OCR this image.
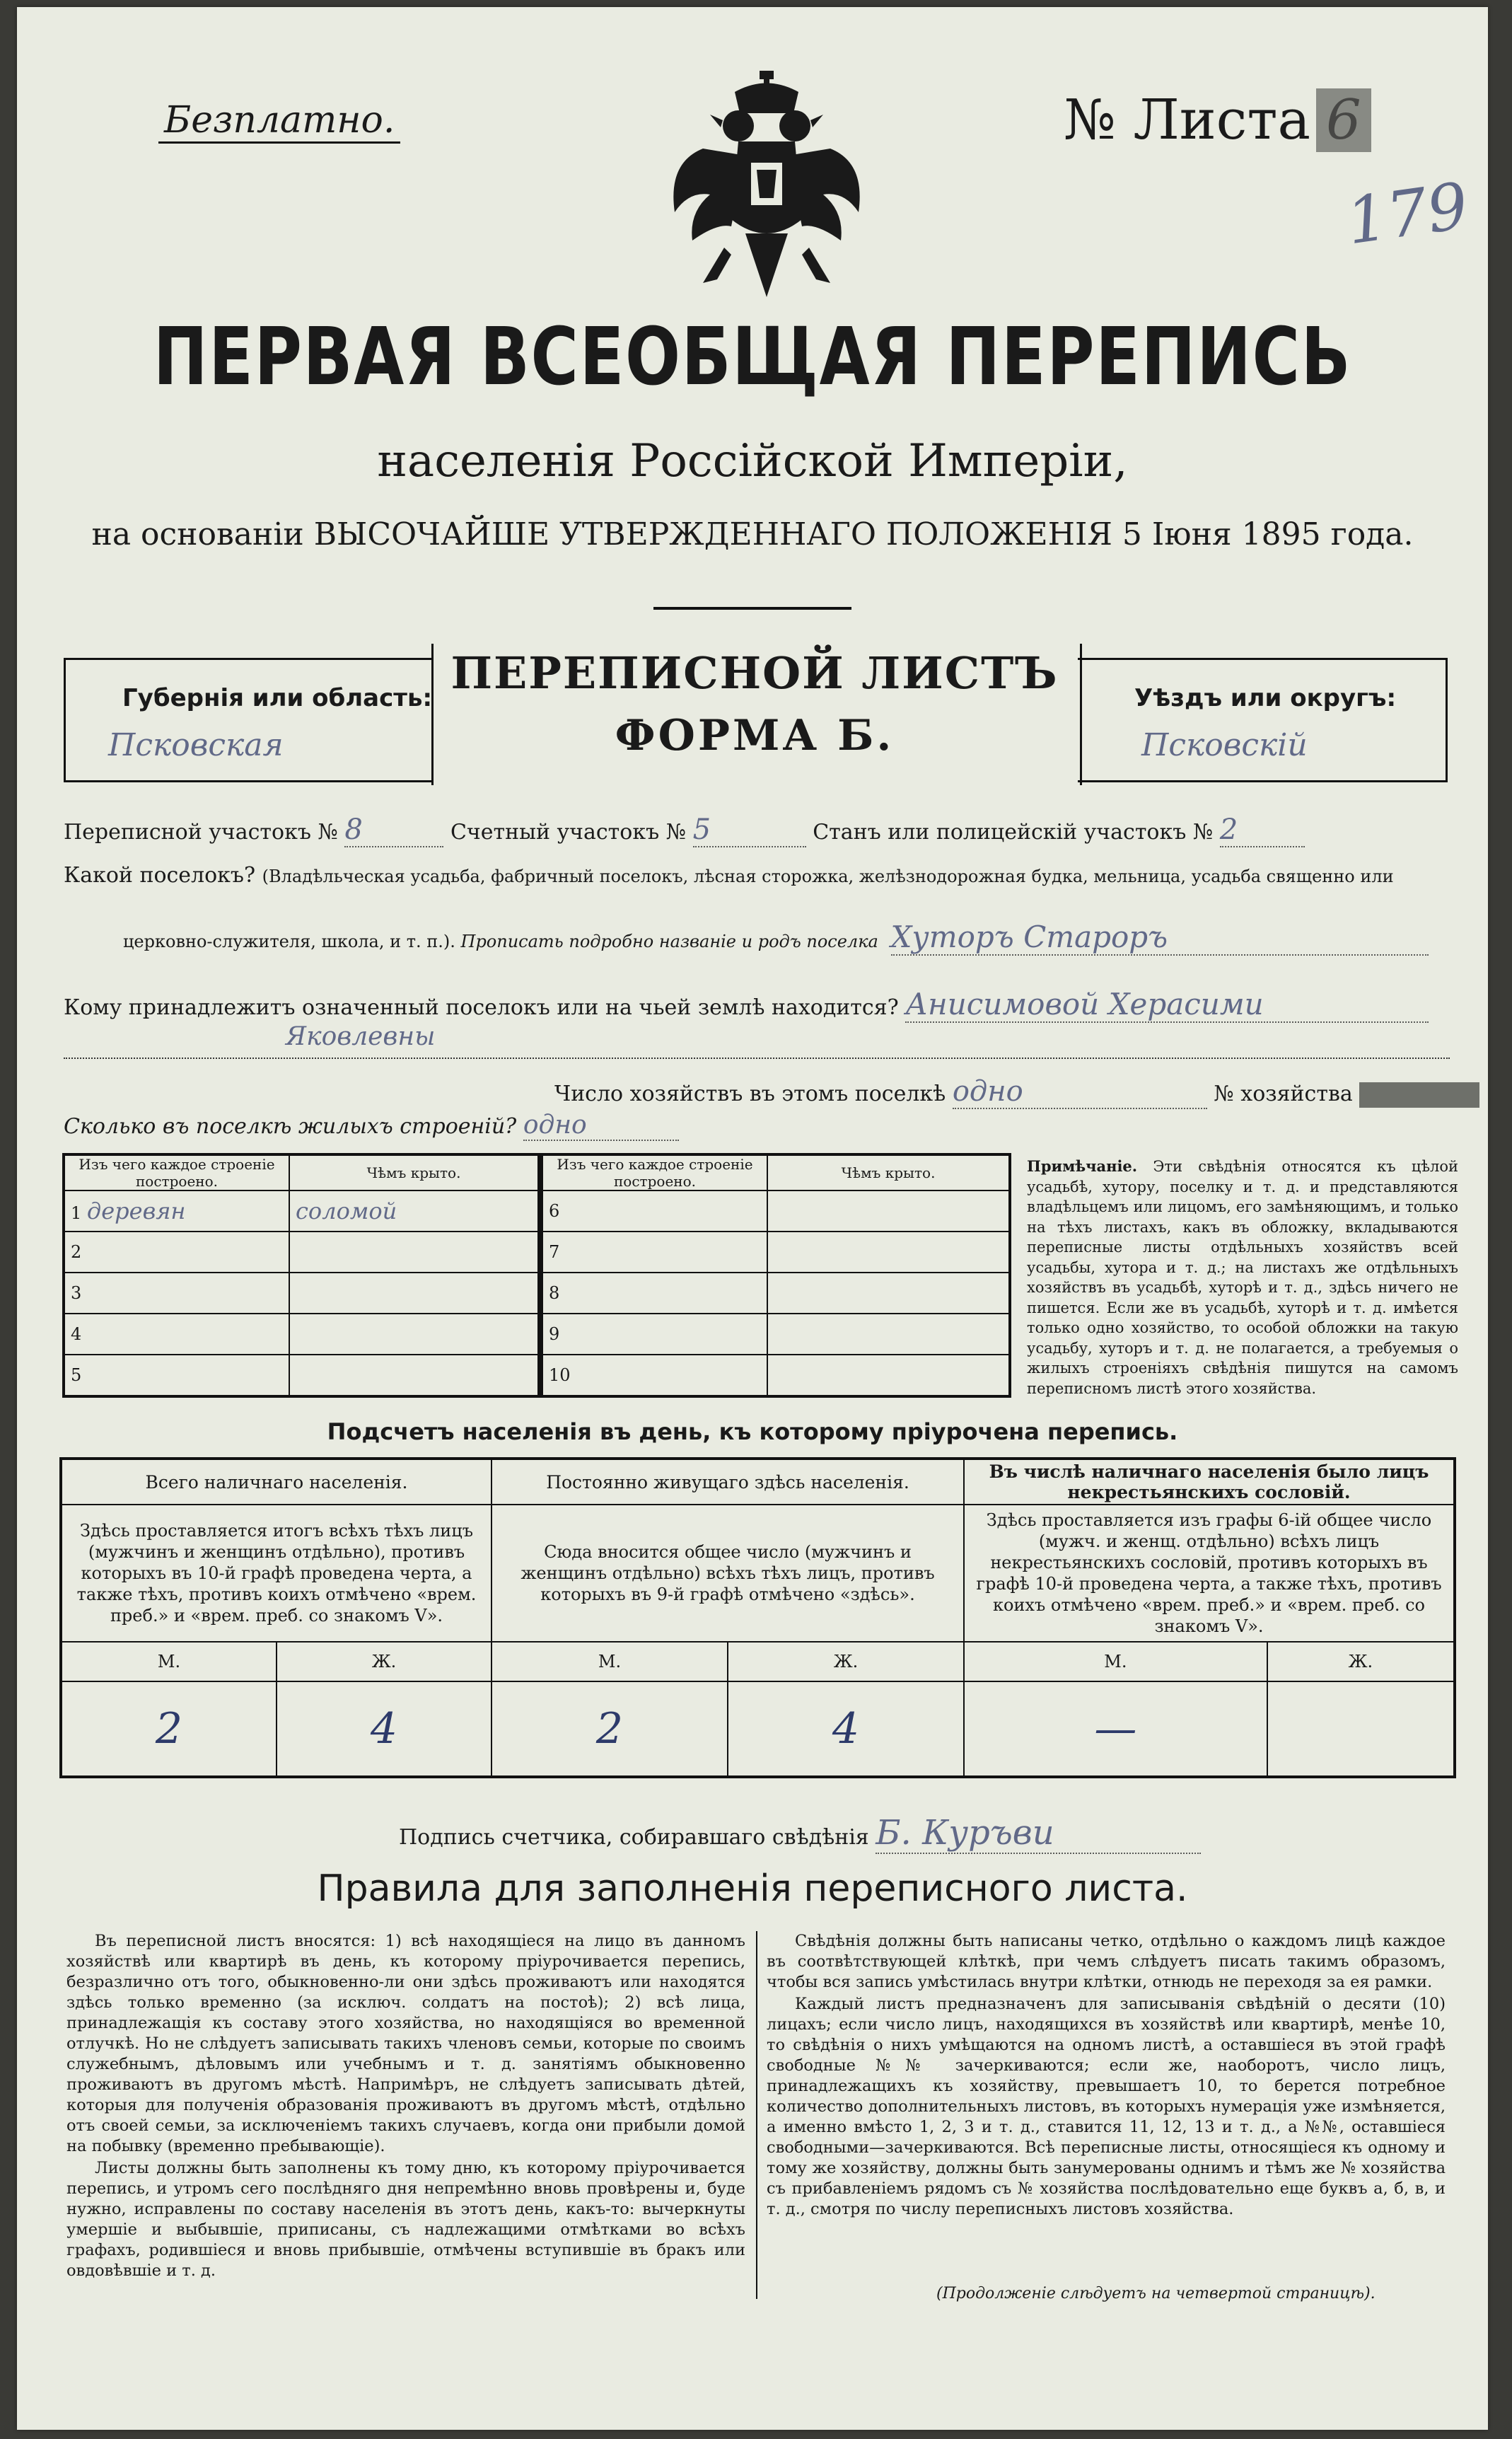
Безплатно.	№ Листа 6
179
ПЕРВАЯ ВСЕОБЩАЯ ПЕРЕПИСЬ
населенія Россійской Имперіи,
на основаніи ВЫСОЧАЙШЕ УТВЕРЖДЕННАГО ПОЛОЖЕНІЯ 5 Іюня 1895 года.
Губернія или область:
Псковская
ПЕРЕПИСНОЙ ЛИСТЪ
ФОРМА Б.
Уѣздъ или округъ:
Псковскій
Переписной участокъ № 8	Счетный участокъ № 5	Станъ или полицейскій участокъ № 2
Какой поселокъ? (Владѣльческая усадьба, фабричный поселокъ, лѣсная сторожка, желѣзнодорожная будка, мельница, усадьба священно или
церковно-служителя, школа, и т. п.). Прописать подробно названіе и родъ поселка Хуторъ Староръ
Кому принадлежитъ означенный поселокъ или на чьей землѣ находится? Анисимовой Херасими
Яковлевны
Число хозяйствъ въ этомъ поселкѣ одно	№ хозяйства
Сколько въ поселкѣ жилыхъ строеній? одно
Изъ чего каждое строеніе построено.	Чѣмъ крыто.
1 деревян	соломой
2	
3	
4	
5	
Изъ чего каждое строеніе построено.	Чѣмъ крыто.
6	
7	
8	
9	
10	
Примѣчаніе. Эти свѣдѣнія относятся къ цѣлой усадьбѣ, хутору, поселку и т. д. и представляются владѣльцемъ или лицомъ, его замѣняющимъ, и только на тѣхъ листахъ, какъ въ обложку, вкладываются переписные листы отдѣльныхъ хозяйствъ всей усадьбы, хутора и т. д.; на листахъ же отдѣльныхъ хозяйствъ въ усадьбѣ, хуторѣ и т. д., здѣсь ничего не пишется. Если же въ усадьбѣ, хуторѣ и т. д. имѣется только одно хозяйство, то особой обложки на такую усадьбу, хуторъ и т. д. не полагается, а требуемыя о жилыхъ строеніяхъ свѣдѣнія пишутся на самомъ переписномъ листѣ этого хозяйства.
Подсчетъ населенія въ день, къ которому пріурочена перепись.
Всего наличнаго населенія.		Постоянно живущаго здѣсь населенія.		Въ числѣ наличнаго населенія было лицъ некрестьянскихъ сословій.	
Здѣсь проставляется итогъ всѣхъ тѣхъ лицъ (мужчинъ и женщинъ отдѣльно), противъ которыхъ въ 10-й графѣ проведена черта, а также тѣхъ, противъ коихъ отмѣчено «врем. преб.» и «врем. преб. со знакомъ V».		Сюда вносится общее число (мужчинъ и женщинъ отдѣльно) всѣхъ тѣхъ лицъ, противъ которыхъ въ 9-й графѣ отмѣчено «здѣсь».		Здѣсь проставляется изъ графы 6-ій общее число (мужч. и женщ. отдѣльно) всѣхъ лицъ некрестьянскихъ сословій, противъ которыхъ въ графѣ 10-й проведена черта, а также тѣхъ, противъ коихъ отмѣчено «врем. преб.» и «врем. преб. со знакомъ V».	
М.	Ж.	М.	Ж.	М.	Ж.
2	4	2	4	—	
Подпись счетчика, собиравшаго свѣдѣнія Б. Куръви
Правила для заполненія переписного листа.

Въ переписной листъ вносятся: 1) всѣ находящіеся на лицо въ данномъ хозяйствѣ или квартирѣ въ день, къ которому пріурочивается перепись, безразлично отъ того, обыкновенно-ли они здѣсь проживаютъ или находятся здѣсь только временно (за исключ. солдатъ на постоѣ); 2) всѣ лица, принадлежащія къ составу этого хозяйства, но находящіяся во временной отлучкѣ. Но не слѣдуетъ записывать такихъ членовъ семьи, которые по своимъ служебнымъ, дѣловымъ или учебнымъ и т. д. занятіямъ обыкновенно проживаютъ въ другомъ мѣстѣ. Напримѣръ, не слѣдуетъ записывать дѣтей, которыя для полученія образованія проживаютъ въ другомъ мѣстѣ, отдѣльно отъ своей семьи, за исключеніемъ такихъ случаевъ, когда они прибыли домой на побывку (временно пребывающіе).

Листы должны быть заполнены къ тому дню, къ которому пріурочивается перепись, и утромъ сего послѣдняго дня непремѣнно вновь провѣрены и, буде нужно, исправлены по составу населенія въ этотъ день, какъ-то: вычеркнуты умершіе и выбывшіе, приписаны, съ надлежащими отмѣтками во всѣхъ графахъ, родившіеся и вновь прибывшіе, отмѣчены вступившіе въ бракъ или овдовѣвшіе и т. д.

Свѣдѣнія должны быть написаны четко, отдѣльно о каждомъ лицѣ каждое въ соотвѣтствующей клѣткѣ, при чемъ слѣдуетъ писать такимъ образомъ, чтобы вся запись умѣстилась внутри клѣтки, отнюдь не переходя за ея рамки.

Каждый листъ предназначенъ для записыванія свѣдѣній о десяти (10) лицахъ; если число лицъ, находящихся въ хозяйствѣ или квартирѣ, менѣе 10, то свѣдѣнія о нихъ умѣщаются на одномъ листѣ, а оставшіеся въ этой графѣ свободные №№ зачеркиваются; если же, наоборотъ, число лицъ, принадлежащихъ къ хозяйству, превышаетъ 10, то берется потребное количество дополнительныхъ листовъ, въ которыхъ нумерація уже измѣняется, а именно вмѣсто 1, 2, 3 и т. д., ставится 11, 12, 13 и т. д., а №№, оставшіеся свободными—зачеркиваются. Всѣ переписные листы, относящіеся къ одному и тому же хозяйству, должны быть занумерованы однимъ и тѣмъ же № хозяйства съ прибавленіемъ рядомъ съ № хозяйства послѣдовательно еще буквъ а, б, в, и т. д., смотря по числу переписныхъ листовъ хозяйства.

(Продолженіе слѣдуетъ на четвертой страницѣ).
